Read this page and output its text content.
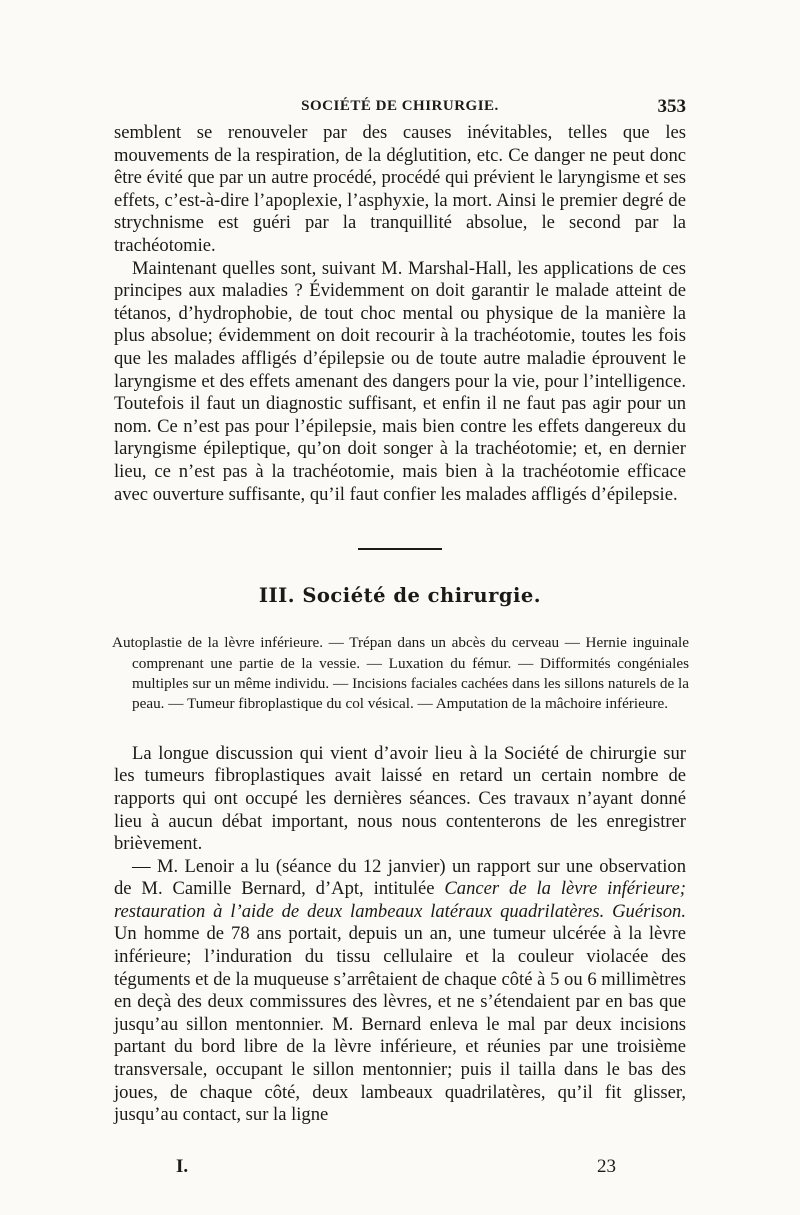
SOCIÉTÉ DE CHIRURGIE.	353

semblent se renouveler par des causes inévitables, telles que les mouvements de la respiration, de la déglutition, etc. Ce danger ne peut donc être évité que par un autre procédé, procédé qui prévient le laryngisme et ses effets, c’est-à-dire l’apoplexie, l’asphyxie, la mort. Ainsi le premier degré de strychnisme est guéri par la tranquillité absolue, le second par la trachéotomie.

Maintenant quelles sont, suivant M. Marshal-Hall, les applications de ces principes aux maladies ? Évidemment on doit garantir le malade atteint de tétanos, d’hydrophobie, de tout choc mental ou physique de la manière la plus absolue; évidemment on doit recourir à la trachéotomie, toutes les fois que les malades affligés d’épilepsie ou de toute autre maladie éprouvent le laryngisme et des effets amenant des dangers pour la vie, pour l’intelligence. Toutefois il faut un diagnostic suffisant, et enfin il ne faut pas agir pour un nom. Ce n’est pas pour l’épilepsie, mais bien contre les effets dangereux du laryngisme épileptique, qu’on doit songer à la trachéotomie; et, en dernier lieu, ce n’est pas à la trachéotomie, mais bien à la trachéotomie efficace avec ouverture suffisante, qu’il faut confier les malades affligés d’épilepsie.

III. Société de chirurgie.

Autoplastie de la lèvre inférieure. — Trépan dans un abcès du cerveau — Hernie inguinale comprenant une partie de la vessie. — Luxation du fémur. — Difformités congéniales multiples sur un même individu. — Incisions faciales cachées dans les sillons naturels de la peau. — Tumeur fibroplastique du col vésical. — Amputation de la mâchoire inférieure.

La longue discussion qui vient d’avoir lieu à la Société de chirurgie sur les tumeurs fibroplastiques avait laissé en retard un certain nombre de rapports qui ont occupé les dernières séances. Ces travaux n’ayant donné lieu à aucun débat important, nous nous contenterons de les enregistrer brièvement.

— M. Lenoir a lu (séance du 12 janvier) un rapport sur une observation de M. Camille Bernard, d’Apt, intitulée Cancer de la lèvre inférieure; restauration à l’aide de deux lambeaux latéraux quadrilatères. Guérison. Un homme de 78 ans portait, depuis un an, une tumeur ulcérée à la lèvre inférieure; l’induration du tissu cellulaire et la couleur violacée des téguments et de la muqueuse s’arrêtaient de chaque côté à 5 ou 6 millimètres en deçà des deux commissures des lèvres, et ne s’étendaient par en bas que jusqu’au sillon mentonnier. M. Bernard enleva le mal par deux incisions partant du bord libre de la lèvre inférieure, et réunies par une troisième transversale, occupant le sillon mentonnier; puis il tailla dans le bas des joues, de chaque côté, deux lambeaux quadrilatères, qu’il fit glisser, jusqu’au contact, sur la ligne

I.	23
